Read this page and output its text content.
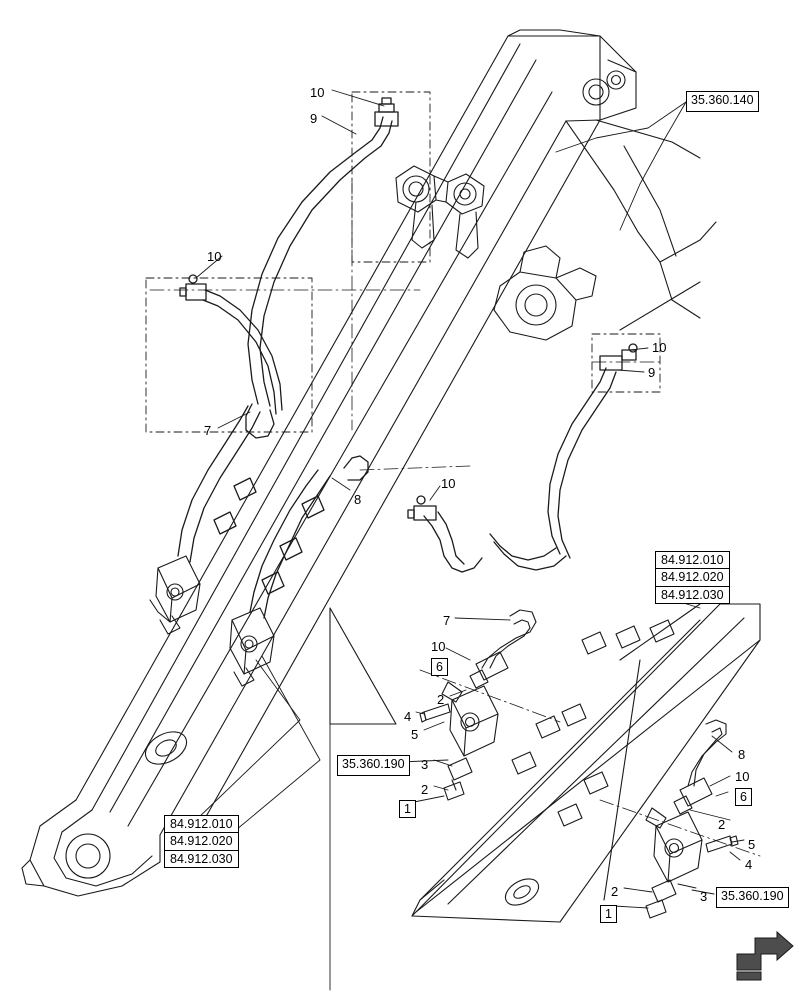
10
9
10
7
8
10
10
9
7
10
2
4
5
3
2
8
10
2
5
4
3
2
6
1
6
1
35.360.140
35.360.190
35.360.190
84.912.010
84.912.020
84.912.030
84.912.010
84.912.020
84.912.030
